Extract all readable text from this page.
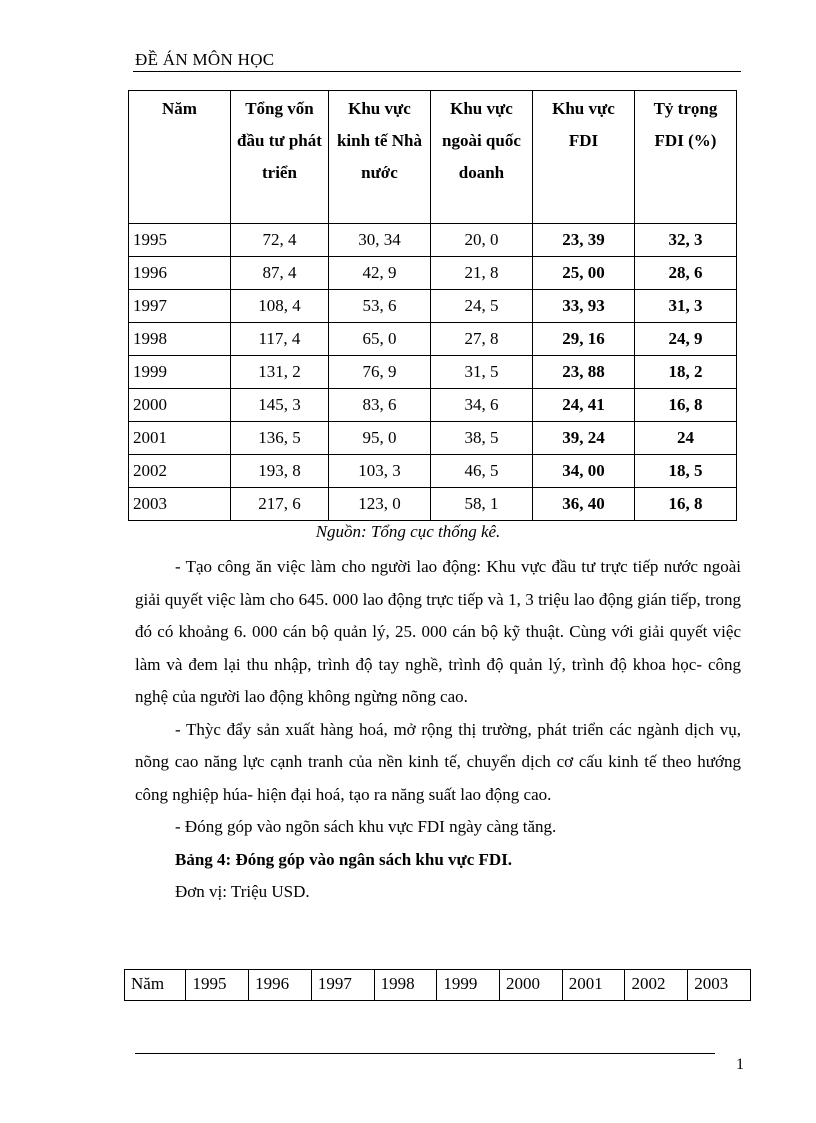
ĐỀ ÁN MÔN HỌC
Năm	Tổng vốn đầu tư phát triển	Khu vực kinh tế Nhà nước	Khu vực ngoài quốc doanh	Khu vực FDI	Tỷ trọng FDI (%)
1995	72, 4	30, 34	20, 0	23, 39	32, 3
1996	87, 4	42, 9	21, 8	25, 00	28, 6
1997	108, 4	53, 6	24, 5	33, 93	31, 3
1998	117, 4	65, 0	27, 8	29, 16	24, 9
1999	131, 2	76, 9	31, 5	23, 88	18, 2
2000	145, 3	83, 6	34, 6	24, 41	16, 8
2001	136, 5	95, 0	38, 5	39, 24	24
2002	193, 8	103, 3	46, 5	34, 00	18, 5
2003	217, 6	123, 0	58, 1	36, 40	16, 8
Nguồn: Tổng cục thống kê.

- Tạo công ăn việc làm cho người lao động: Khu vực đầu tư trực tiếp nước ngoài giải quyết việc làm cho 645. 000 lao động trực tiếp và 1, 3 triệu lao động gián tiếp, trong đó có khoảng 6. 000 cán bộ quản lý, 25. 000 cán bộ kỹ thuật. Cùng với giải quyết việc làm và đem lại thu nhập, trình độ tay nghề, trình độ quản lý, trình độ khoa học- công nghệ của người lao động không ngừng nõng cao.

- Thỳc đẩy sản xuất hàng hoá, mở rộng thị trường, phát triển các ngành dịch vụ, nõng cao năng lực cạnh tranh của nền kinh tế, chuyển dịch cơ cấu kinh tế theo hướng công nghiệp húa- hiện đại hoá, tạo ra năng suất lao động cao.

- Đóng góp vào ngõn sách khu vực FDI ngày càng tăng.

Bảng 4: Đóng góp vào ngân sách khu vực FDI.

Đơn vị: Triệu USD.

Năm	1995	1996	1997	1998	1999	2000	2001	2002	2003
1
